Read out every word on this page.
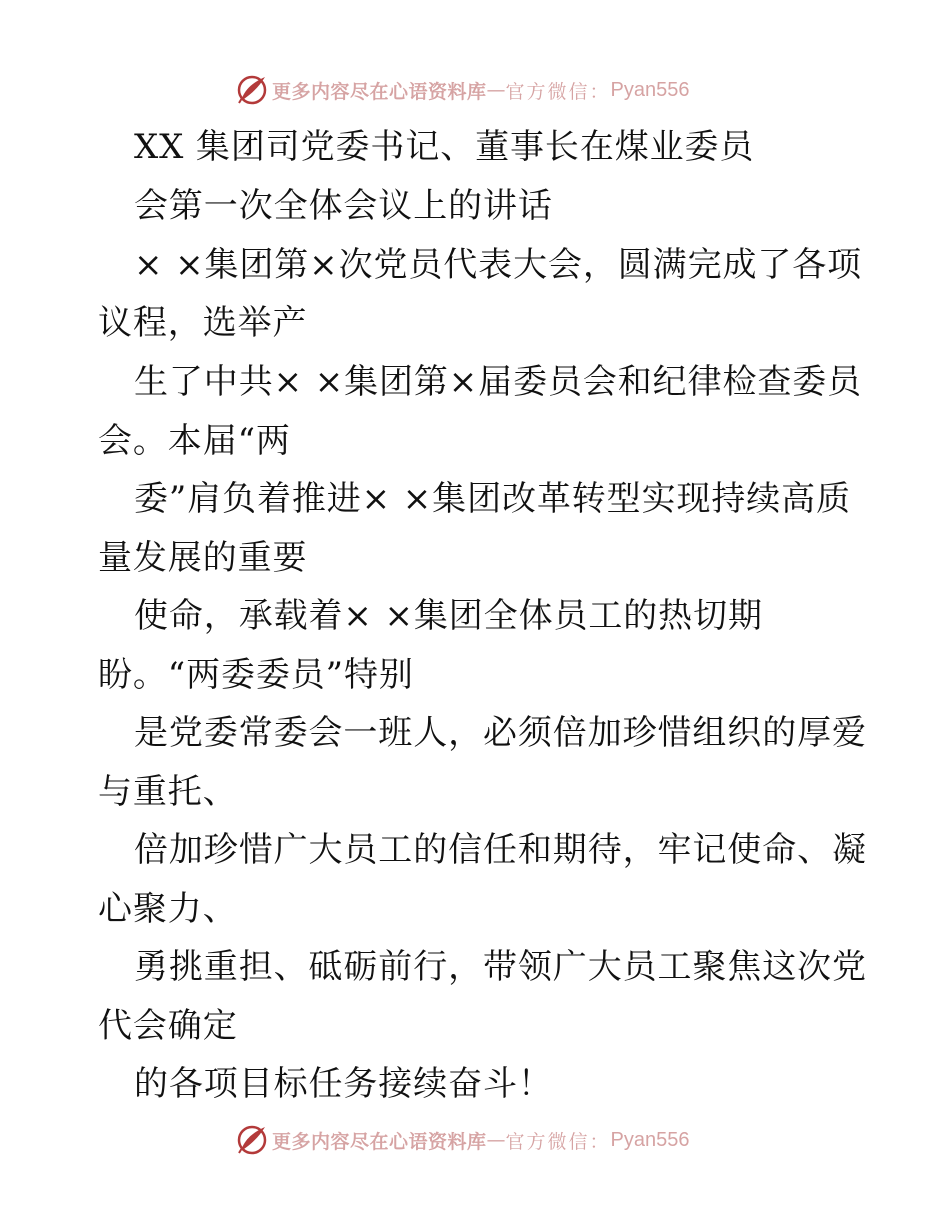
更多内容尽在心语资料库 — 官方微信： Pyan556
XX 集团司党委书记、董事长在煤业委员
会第一次全体会议上的讲话
× ×集团第×次党员代表大会，圆满完成了各项
议程，选举产
生了中共× ×集团第×届委员会和纪律检查委员
会。本届“两
委”肩负着推进× ×集团改革转型实现持续高质
量发展的重要
使命，承载着× ×集团全体员工的热切期
盼。“两委委员”特别
是党委常委会一班人，必须倍加珍惜组织的厚爱
与重托、
倍加珍惜广大员工的信任和期待，牢记使命、凝
心聚力、
勇挑重担、砥砺前行，带领广大员工聚焦这次党
代会确定
的各项目标任务接续奋斗！
更多内容尽在心语资料库 — 官方微信： Pyan556
